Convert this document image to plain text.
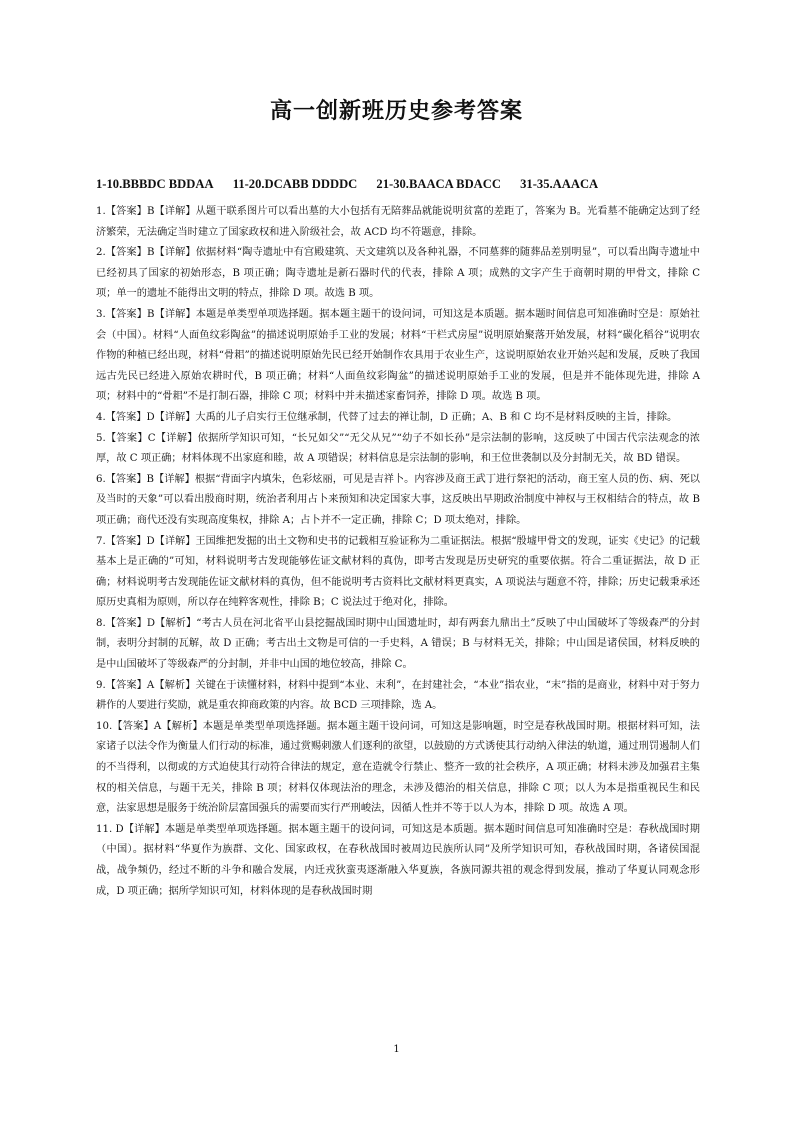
高一创新班历史参考答案
1-10.BBBDC BDDAA 11-20.DCABB DDDDC 21-30.BAACA BDACC 31-35.AAACA

1.【答案】B【详解】从题干联系图片可以看出墓的大小包括有无陪葬品就能说明贫富的差距了，答案为 B。光看墓不能确定达到了经济繁荣，无法确定当时建立了国家政权和进入阶级社会，故 ACD 均不符题意，排除。

2.【答案】B【详解】依据材料“陶寺遗址中有宫殿建筑、天文建筑以及各种礼器，不同墓葬的随葬品差别明显”，可以看出陶寺遗址中已经初具了国家的初始形态，B 项正确；陶寺遗址是新石器时代的代表，排除 A 项；成熟的文字产生于商朝时期的甲骨文，排除 C 项；单一的遗址不能得出文明的特点，排除 D 项。故选 B 项。

3.【答案】B【详解】本题是单类型单项选择题。据本题主题干的设问词，可知这是本质题。据本题时间信息可知准确时空是：原始社会（中国）。材料“人面鱼纹彩陶盆”的描述说明原始手工业的发展；材料“干栏式房屋”说明原始聚落开始发展，材料“碳化稻谷”说明农作物的种植已经出现，材料“骨耜”的描述说明原始先民已经开始制作农具用于农业生产，这说明原始农业开始兴起和发展，反映了我国远古先民已经进入原始农耕时代，B 项正确；材料“人面鱼纹彩陶盆”的描述说明原始手工业的发展，但是并不能体现先进，排除 A 项；材料中的“骨耜”不是打制石器，排除 C 项；材料中并未描述家畜饲养，排除 D 项。故选 B 项。

4.【答案】D【详解】大禹的儿子启实行王位继承制，代替了过去的禅让制，D 正确；A、B 和 C 均不是材料反映的主旨，排除。

5.【答案】C【详解】依据所学知识可知，“长兄如父”“无父从兄”“幼子不如长孙”是宗法制的影响，这反映了中国古代宗法观念的浓厚，故 C 项正确；材料体现不出家庭和睦，故 A 项错误；材料信息是宗法制的影响，和王位世袭制以及分封制无关，故 BD 错误。

6.【答案】B【详解】根据“背面字内填朱，色彩炫丽，可见是吉祥卜。内容涉及商王武丁进行祭祀的活动，商王室人员的伤、病、死以及当时的天象”可以看出殷商时期，统治者利用占卜来预知和决定国家大事，这反映出早期政治制度中神权与王权相结合的特点，故 B 项正确；商代还没有实现高度集权，排除 A；占卜并不一定正确，排除 C；D 项太绝对，排除。

7.【答案】D【详解】王国维把发掘的出土文物和史书的记载相互验证称为二重证据法。根据“殷墟甲骨文的发现，证实《史记》的记载基本上是正确的”可知，材料说明考古发现能够佐证文献材料的真伪，即考古发现是历史研究的重要依据。符合二重证据法，故 D 正确；材料说明考古发现能佐证文献材料的真伪，但不能说明考古资料比文献材料更真实，A 项说法与题意不符，排除；历史记载秉承还原历史真相为原则，所以存在纯粹客观性，排除 B；C 说法过于绝对化，排除。

8.【答案】D【解析】“考古人员在河北省平山县挖掘战国时期中山国遗址时，却有两套九鼎出土”反映了中山国破坏了等级森严的分封制，表明分封制的瓦解，故 D 正确；考古出土文物是可信的一手史料，A 错误；B 与材料无关，排除；中山国是诸侯国，材料反映的是中山国破坏了等级森严的分封制，并非中山国的地位较高，排除 C。

9.【答案】A【解析】关键在于读懂材料，材料中提到“本业、末利”，在封建社会，“本业”指农业，“末”指的是商业，材料中对于努力耕作的人要进行奖励，就是重农抑商政策的内容。故 BCD 三项排除，选 A。

10.【答案】A【解析】本题是单类型单项选择题。据本题主题干设问词，可知这是影响题，时空是春秋战国时期。根据材料可知，法家诸子以法令作为衡量人们行动的标准，通过赏赐刺激人们逐利的欲望，以鼓励的方式诱使其行动纳入律法的轨道，通过刑罚遏制人们的不当得利，以彻或的方式迫使其行动符合律法的规定，意在造就令行禁止、整齐一致的社会秩序，A 项正确；材料未涉及加强君主集权的相关信息，与题干无关，排除 B 项；材料仅体现法治的理念，未涉及德治的相关信息，排除 C 项；以人为本是指重视民生和民意，法家思想是服务于统治阶层富国强兵的需要而实行严刑峻法，因循人性并不等于以人为本，排除 D 项。故选 A 项。

11. D【详解】本题是单类型单项选择题。据本题主题干的设问词，可知这是本质题。据本题时间信息可知准确时空是：春秋战国时期（中国）。据材料“华夏作为族群、文化、国家政权，在春秋战国时被周边民族所认同”及所学知识可知，春秋战国时期，各诸侯国混战，战争频仍，经过不断的斗争和融合发展，内迁戎狄蛮夷逐渐融入华夏族，各族同源共祖的观念得到发展，推动了华夏认同观念形成，D 项正确；据所学知识可知，材料体现的是春秋战国时期

1
